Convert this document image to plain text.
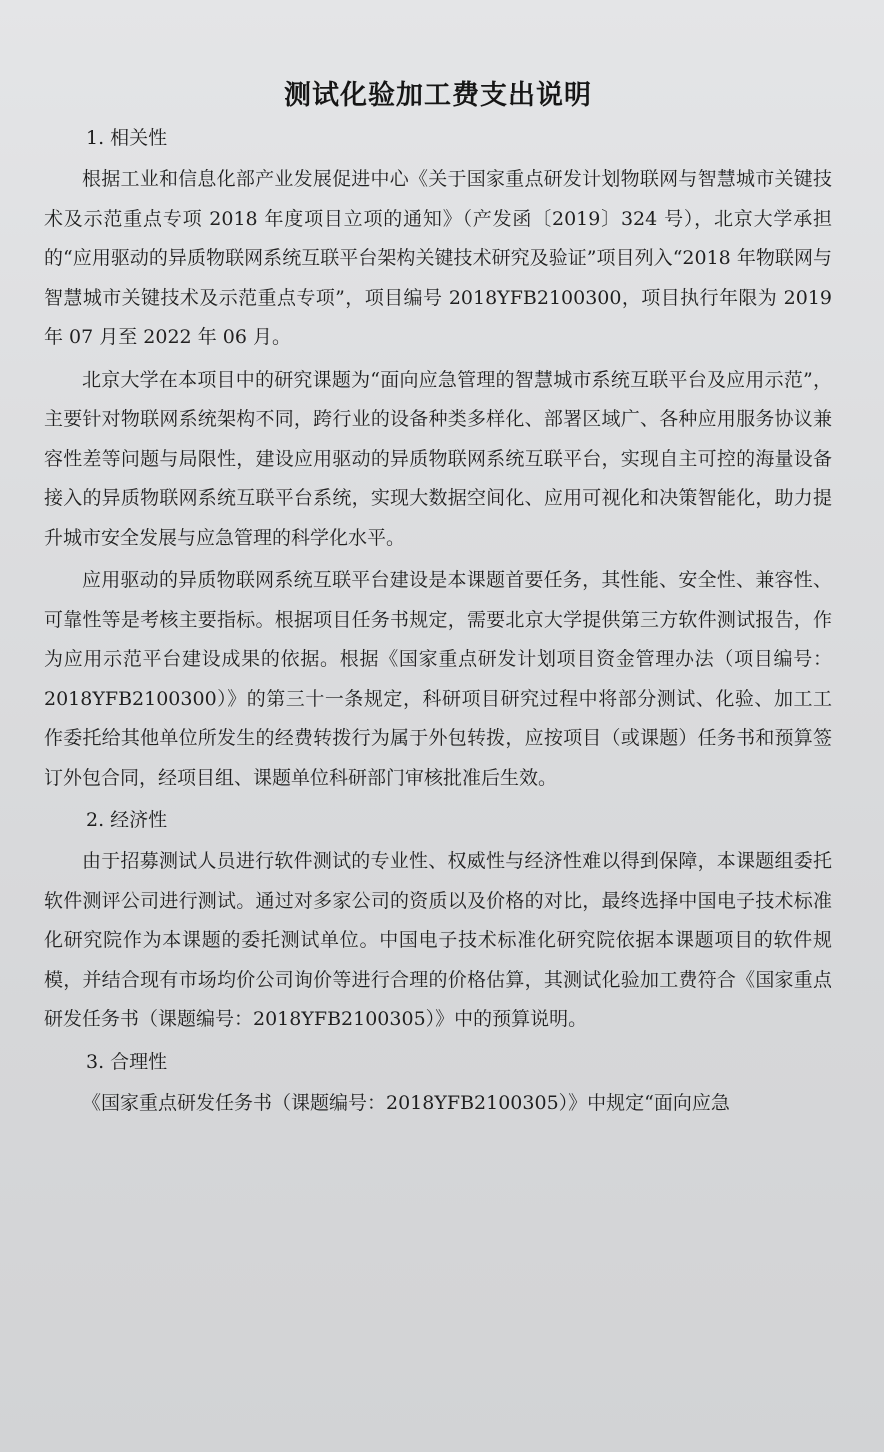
测试化验加工费支出说明
1. 相关性

根据工业和信息化部产业发展促进中心《关于国家重点研发计划物联网与智慧城市关键技术及示范重点专项 2018 年度项目立项的通知》（产发函〔2019〕324 号），北京大学承担的“应用驱动的异质物联网系统互联平台架构关键技术研究及验证”项目列入“2018 年物联网与智慧城市关键技术及示范重点专项”，项目编号 2018YFB2100300，项目执行年限为 2019 年 07 月至 2022 年 06 月。

北京大学在本项目中的研究课题为“面向应急管理的智慧城市系统互联平台及应用示范”，主要针对物联网系统架构不同，跨行业的设备种类多样化、部署区域广、各种应用服务协议兼容性差等问题与局限性，建设应用驱动的异质物联网系统互联平台，实现自主可控的海量设备接入的异质物联网系统互联平台系统，实现大数据空间化、应用可视化和决策智能化，助力提升城市安全发展与应急管理的科学化水平。

应用驱动的异质物联网系统互联平台建设是本课题首要任务，其性能、安全性、兼容性、可靠性等是考核主要指标。根据项目任务书规定，需要北京大学提供第三方软件测试报告，作为应用示范平台建设成果的依据。根据《国家重点研发计划项目资金管理办法（项目编号：2018YFB2100300）》的第三十一条规定，科研项目研究过程中将部分测试、化验、加工工作委托给其他单位所发生的经费转拨行为属于外包转拨，应按项目（或课题）任务书和预算签订外包合同，经项目组、课题单位科研部门审核批准后生效。

2. 经济性

由于招募测试人员进行软件测试的专业性、权威性与经济性难以得到保障，本课题组委托软件测评公司进行测试。通过对多家公司的资质以及价格的对比，最终选择中国电子技术标准化研究院作为本课题的委托测试单位。中国电子技术标准化研究院依据本课题项目的软件规模，并结合现有市场均价公司询价等进行合理的价格估算，其测试化验加工费符合《国家重点研发任务书（课题编号：2018YFB2100305）》中的预算说明。

3. 合理性

《国家重点研发任务书（课题编号：2018YFB2100305）》中规定“面向应急
